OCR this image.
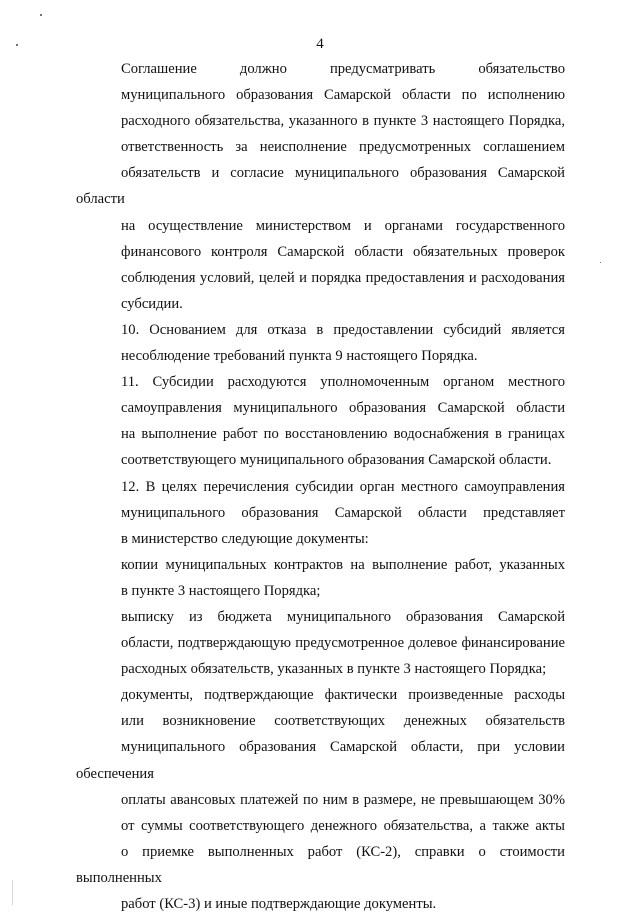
4
Соглашение должно предусматривать обязательство
муниципального образования Самарской области по исполнению
расходного обязательства, указанного в пункте 3 настоящего Порядка,
ответственность за неисполнение предусмотренных соглашением
обязательств и согласие муниципального образования Самарской области
на осуществление министерством и органами государственного
финансового контроля Самарской области обязательных проверок
соблюдения условий, целей и порядка предоставления и расходования
субсидии.
10. Основанием для отказа в предоставлении субсидий является
несоблюдение требований пункта 9 настоящего Порядка.
11. Субсидии расходуются уполномоченным органом местного
самоуправления муниципального образования Самарской области
на выполнение работ по восстановлению водоснабжения в границах
соответствующего муниципального образования Самарской области.
12. В целях перечисления субсидии орган местного самоуправления
муниципального образования Самарской области представляет
в министерство следующие документы:
копии муниципальных контрактов на выполнение работ, указанных
в пункте 3 настоящего Порядка;
выписку из бюджета муниципального образования Самарской
области, подтверждающую предусмотренное долевое финансирование
расходных обязательств, указанных в пункте 3 настоящего Порядка;
документы, подтверждающие фактически произведенные расходы
или возникновение соответствующих денежных обязательств
муниципального образования Самарской области, при условии обеспечения
оплаты авансовых платежей по ним в размере, не превышающем 30%
от суммы соответствующего денежного обязательства, а также акты
о приемке выполненных работ (КС-2), справки о стоимости выполненных
работ (КС-3) и иные подтверждающие документы.
